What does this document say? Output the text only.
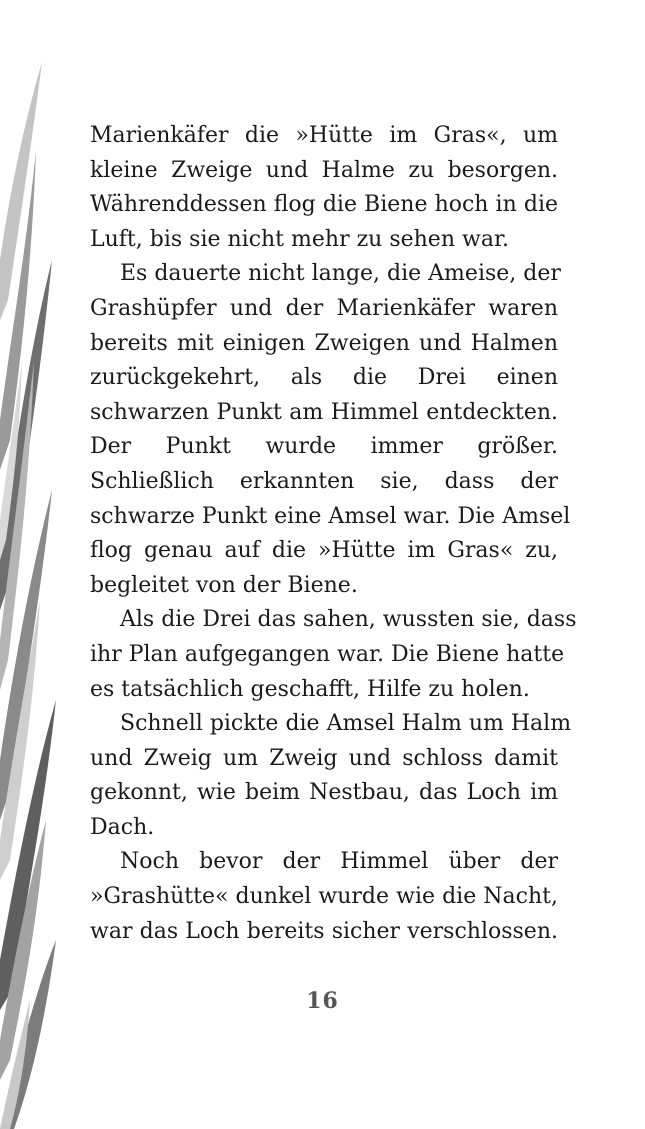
Marienkäfer die »Hütte im Gras«, um
kleine Zweige und Halme zu besorgen.
Währenddessen flog die Biene hoch in die
Luft, bis sie nicht mehr zu sehen war.

Es dauerte nicht lange, die Ameise, der
Grashüpfer und der Marienkäfer waren
bereits mit einigen Zweigen und Halmen
zurückgekehrt, als die Drei einen
schwarzen Punkt am Himmel entdeckten.
Der Punkt wurde immer größer.
Schließlich erkannten sie, dass der
schwarze Punkt eine Amsel war. Die Amsel
flog genau auf die »Hütte im Gras« zu,
begleitet von der Biene.

Als die Drei das sahen, wussten sie, dass
ihr Plan aufgegangen war. Die Biene hatte
es tatsächlich geschafft, Hilfe zu holen.

Schnell pickte die Amsel Halm um Halm
und Zweig um Zweig und schloss damit
gekonnt, wie beim Nestbau, das Loch im
Dach.

Noch bevor der Himmel über der
»Grashütte« dunkel wurde wie die Nacht,
war das Loch bereits sicher verschlossen.

16
